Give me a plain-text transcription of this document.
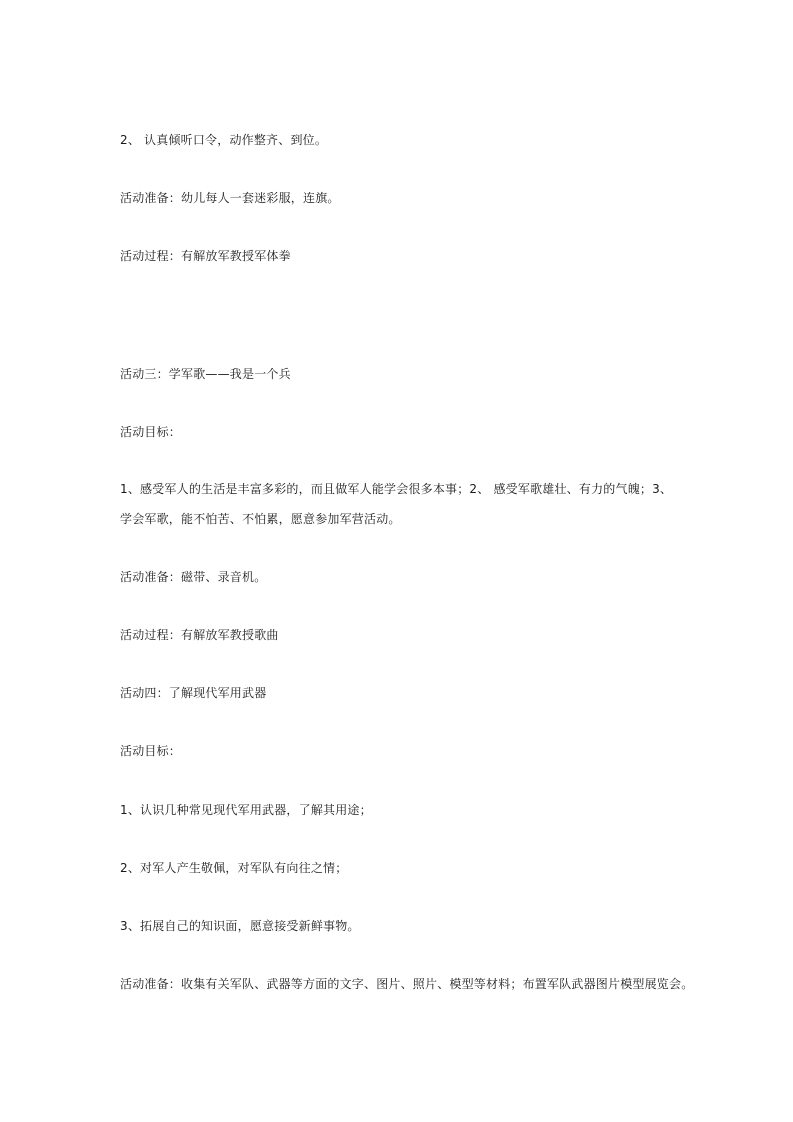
2、 认真倾听口令，动作整齐、到位。
活动准备：幼儿每人一套迷彩服，连旗。
活动过程：有解放军教授军体拳
活动三：学军歌——我是一个兵
活动目标：
1、感受军人的生活是丰富多彩的，而且做军人能学会很多本事；2、 感受军歌雄壮、有力的气魄；3、 学会军歌，能不怕苦、不怕累，愿意参加军营活动。
活动准备：磁带、录音机。
活动过程：有解放军教授歌曲
活动四：了解现代军用武器
活动目标：
1、认识几种常见现代军用武器，了解其用途；
2、对军人产生敬佩，对军队有向往之情；
3、拓展自己的知识面，愿意接受新鲜事物。
活动准备：收集有关军队、武器等方面的文字、图片、照片、模型等材料；布置军队武器图片模型展览会。
